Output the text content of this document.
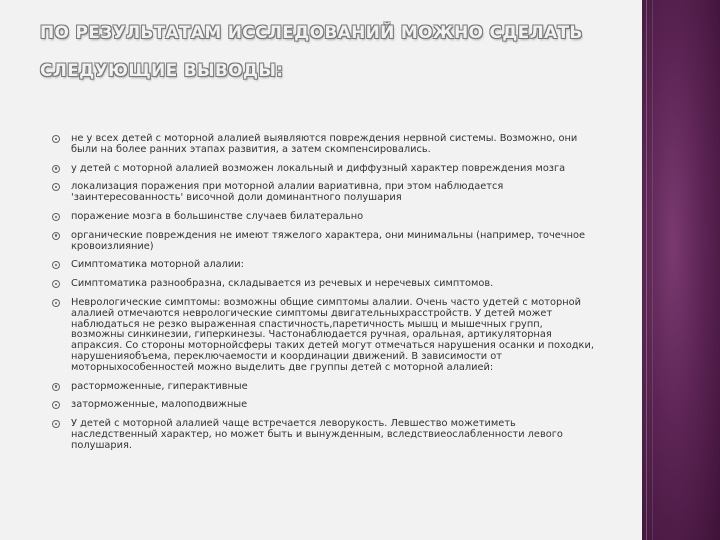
ПО РЕЗУЛЬТАТАМ ИССЛЕДОВАНИЙ МОЖНО СДЕЛАТЬ
СЛЕДУЮЩИЕ ВЫВОДЫ:
не у всех детей с моторной алалией выявляются повреждения нервной системы. Возможно, они были на более ранних этапах развития, а затем скомпенсировались.
у детей с моторной алалией возможен локальный и диффузный характер повреждения мозга
локализация поражения при моторной алалии вариативна, при этом наблюдается 'заинтересованность' височной доли доминантного полушария
поражение мозга в большинстве случаев билатерально
органические повреждения не имеют тяжелого характера, они минимальны (например, точечное кровоизлияние)
Симптоматика моторной алалии:
Симптоматика разнообразна, складывается из речевых и неречевых симптомов.
Неврологические симптомы: возможны общие симптомы алалии. Очень часто удетей с моторной алалией отмечаются неврологические симптомы двигательныхрасстройств. У детей может наблюдаться не резко выраженная спастичность,паретичность мышц и мышечных групп, возможны синкинезии, гиперкинезы. Частонаблюдается ручная, оральная, артикуляторная апраксия. Со стороны моторнойсферы таких детей могут отмечаться нарушения осанки и походки, нарушенияобъема, переключаемости и координации движений. В зависимости от моторныхособенностей можно выделить две группы детей с моторной алалией:
расторможенные, гиперактивные
заторможенные, малоподвижные
У детей с моторной алалией чаще встречается леворукость. Левшество можетиметь наследственный характер, но может быть и вынужденным, вследствиеослабленности левого полушария.
